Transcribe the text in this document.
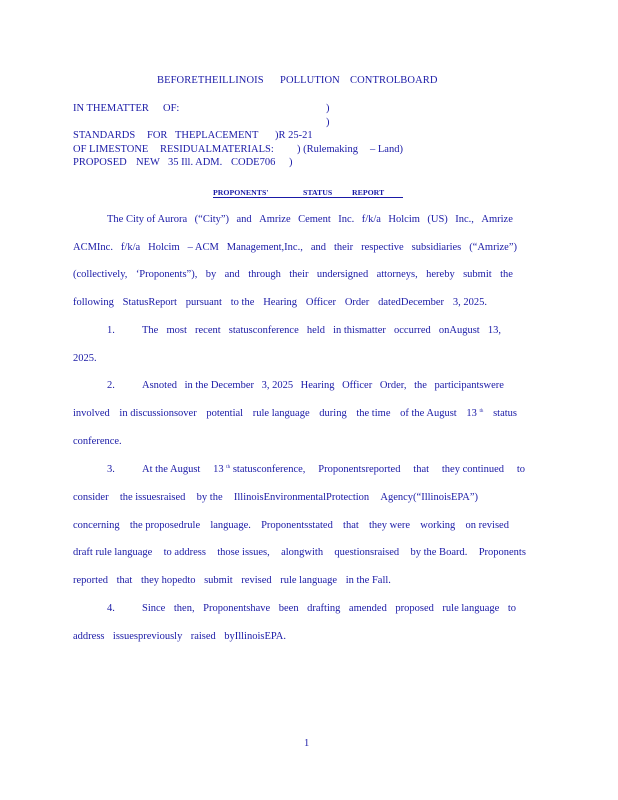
BEFORETHEILLINOIS POLLUTION CONTROLBOARD
IN THEMATTER OF:	)
)
STANDARDS FOR THEPLACEMENT )R 25-21
OF LIMESTONE RESIDUALMATERIALS: ) (Rulemaking – Land)
PROPOSED NEW 35 Ill. ADM. CODE706 )
PROPONENTS'	STATUS	REPORT
The City of Aurora (“City”) and Amrize Cement Inc. f/k/a Holcim (US) Inc., Amrize
ACMInc. f/k/a Holcim – ACM Management,Inc., and their respective subsidiaries (“Amrize”)
(collectively, ‘Proponents”), by and through their undersigned attorneys, hereby submit the
following StatusReport pursuant to the Hearing Officer Order datedDecember 3, 2025.
1.	The most recent statusconference held in thismatter occurred onAugust 13,
2025.
2.	Asnoted in the December 3, 2025 Hearing Officer Order, the participantswere
involved in discussionsover potential rule language during the time of the August 13 $^{th}$ status
conference.
3.	At the August 13 $^{th}$ statusconference, Proponentsreported that they continued to
consider the issuesraised by the IllinoisEnvironmentalProtection Agency(“IllinoisEPA”)
concerning the proposedrule language. Proponentsstated that they were working on revised
draft rule language to address those issues, alongwith questionsraised by the Board. Proponents
reported that they hopedto submit revised rule language in the Fall.
4.	Since then, Proponentshave been drafting amended proposed rule language to
address issuespreviously raised byIllinoisEPA.
1
